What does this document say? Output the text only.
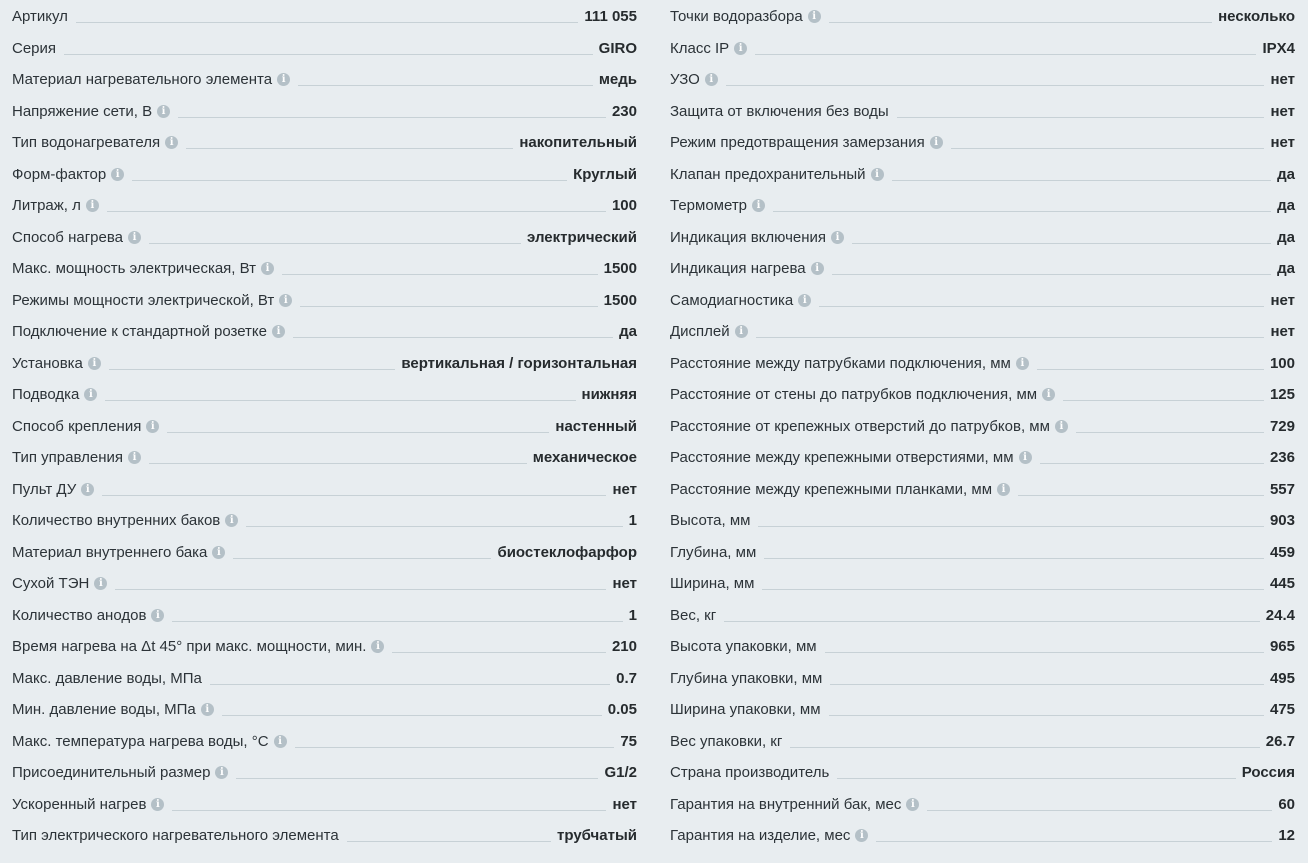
Артикул	111 055
Серия	GIRO
Материал нагревательного элемента i	медь
Напряжение сети, В i	230
Тип водонагревателя i	накопительный
Форм-фактор i	Круглый
Литраж, л i	100
Способ нагрева i	электрический
Макс. мощность электрическая, Вт i	1500
Режимы мощности электрической, Вт i	1500
Подключение к стандартной розетке i	да
Установка i	вертикальная / горизонтальная
Подводка i	нижняя
Способ крепления i	настенный
Тип управления i	механическое
Пульт ДУ i	нет
Количество внутренних баков i	1
Материал внутреннего бака i	биостеклофарфор
Сухой ТЭН i	нет
Количество анодов i	1
Время нагрева на Δt 45° при макс. мощности, мин. i	210
Макс. давление воды, МПа	0.7
Мин. давление воды, МПа i	0.05
Макс. температура нагрева воды, °C i	75
Присоединительный размер i	G1/2
Ускоренный нагрев i	нет
Тип электрического нагревательного элемента	трубчатый
Точки водоразбора i	несколько
Класс IP i	IPX4
УЗО i	нет
Защита от включения без воды	нет
Режим предотвращения замерзания i	нет
Клапан предохранительный i	да
Термометр i	да
Индикация включения i	да
Индикация нагрева i	да
Самодиагностика i	нет
Дисплей i	нет
Расстояние между патрубками подключения, мм i	100
Расстояние от стены до патрубков подключения, мм i	125
Расстояние от крепежных отверстий до патрубков, мм i	729
Расстояние между крепежными отверстиями, мм i	236
Расстояние между крепежными планками, мм i	557
Высота, мм	903
Глубина, мм	459
Ширина, мм	445
Вес, кг	24.4
Высота упаковки, мм	965
Глубина упаковки, мм	495
Ширина упаковки, мм	475
Вес упаковки, кг	26.7
Страна производитель	Россия
Гарантия на внутренний бак, мес i	60
Гарантия на изделие, мес i	12
